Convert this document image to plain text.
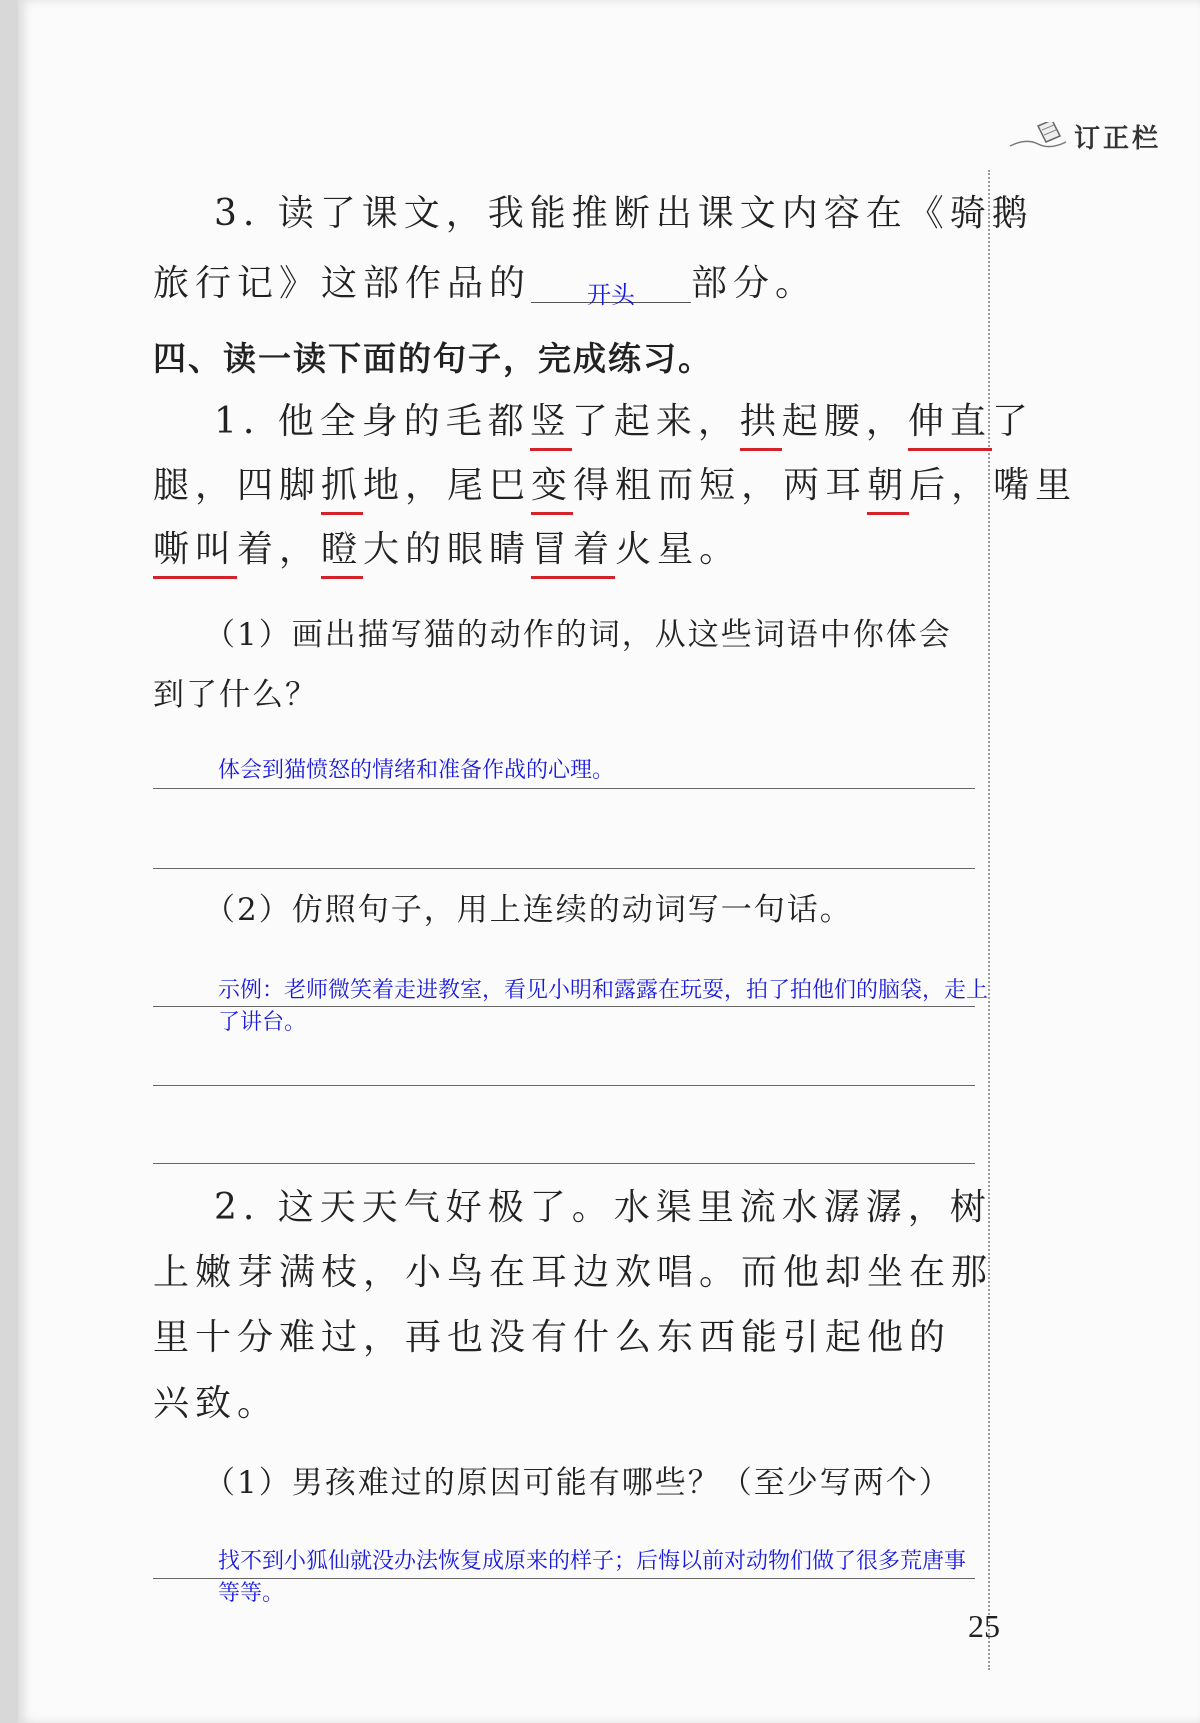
订正栏
3. 读了课文，我能推断出课文内容在《骑鹅
旅行记》这部作品的 $_{开头}$ 部分。
四、读一读下面的句子，完成练习。
1. 他全身的毛都竖了起来，拱起腰，伸直了
腿，四脚抓地，尾巴变得粗而短，两耳朝后，嘴里
嘶叫着，瞪大的眼睛冒着火星。
（1）画出描写猫的动作的词，从这些词语中你体会
到了什么？
体会到猫愤怒的情绪和准备作战的心理。
（2）仿照句子，用上连续的动词写一句话。
示例：老师微笑着走进教室，看见小明和露露在玩耍，拍了拍他们的脑袋，走上了讲台。
2. 这天天气好极了。水渠里流水潺潺，树
上嫩芽满枝，小鸟在耳边欢唱。而他却坐在那
里十分难过，再也没有什么东西能引起他的
兴致。
（1）男孩难过的原因可能有哪些？（至少写两个）
找不到小狐仙就没办法恢复成原来的样子；后悔以前对动物们做了很多荒唐事等等。
25
